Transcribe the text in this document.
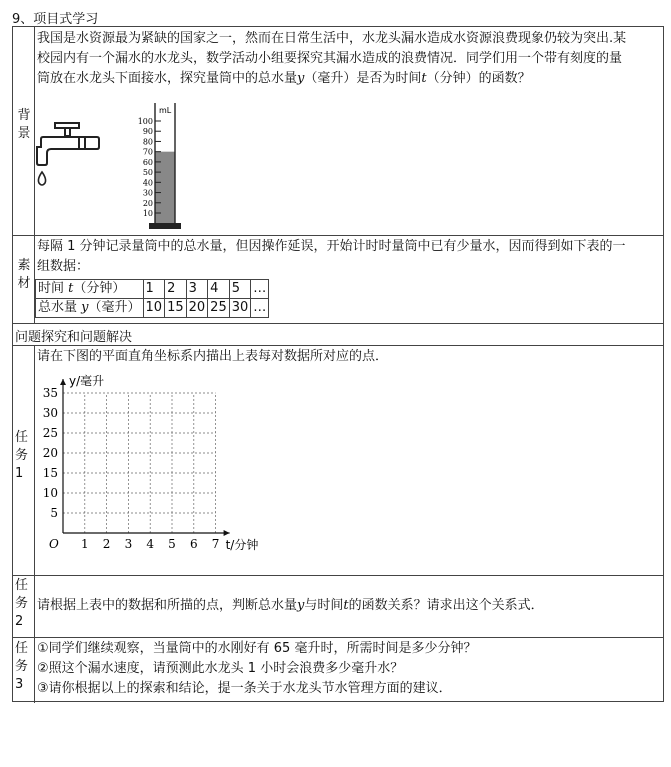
9、项目式学习
背景
我国是水资源最为紧缺的国家之一，然而在日常生活中，水龙头漏水造成水资源浪费现象仍较为突出.某
校园内有一个漏水的水龙头，数学活动小组要探究其漏水造成的浪费情况．同学们用一个带有刻度的量
筒放在水龙头下面接水，探究量筒中的总水量y（毫升）是否为时间t（分钟）的函数？
mL
100
90
80
70
60
50
40
30
20
10
素材
每隔 1 分钟记录量筒中的总水量，但因操作延误，开始计时时量筒中已有少量水，因而得到如下表的一
组数据：
时间 t（分钟）	1	2	3	4	5	…
总水量 y（毫升）	10	15	20	25	30	…
问题探究和问题解决
任
务
1
请在下图的平面直角坐标系内描出上表每对数据所对应的点．
1 2 3 4 5 6 7
5
10
15
20
25
30
35
O
y/毫升
t/分钟
任
务
2
请根据上表中的数据和所描的点，判断总水量y与时间t的函数关系？请求出这个关系式．
任
务
3
①同学们继续观察，当量筒中的水刚好有 65 毫升时，所需时间是多少分钟？
②照这个漏水速度，请预测此水龙头 1 小时会浪费多少毫升水？
③请你根据以上的探索和结论，提一条关于水龙头节水管理方面的建议．
